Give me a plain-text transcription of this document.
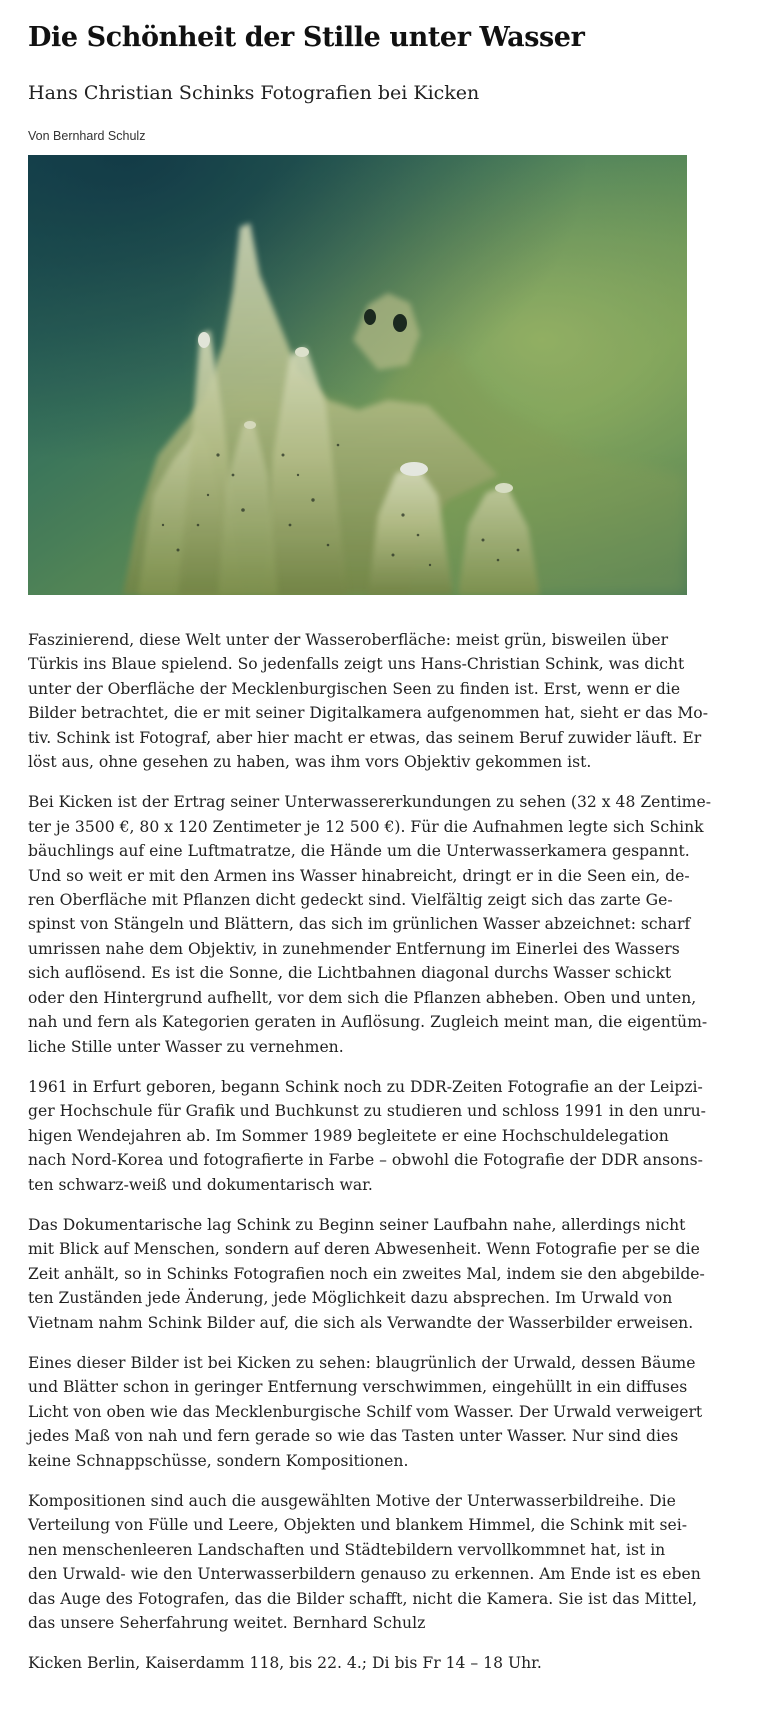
Die Schönheit der Stille unter Wasser
Hans Christian Schinks Fotografien bei Kicken
Von Bernhard Schulz

Faszinierend, diese Welt unter der Wasseroberfläche: meist grün, bisweilen über
Türkis ins Blaue spielend. So jedenfalls zeigt uns Hans-Christian Schink, was dicht
unter der Oberfläche der Mecklenburgischen Seen zu finden ist. Erst, wenn er die
Bilder betrachtet, die er mit seiner Digitalkamera aufgenommen hat, sieht er das Mo-
tiv. Schink ist Fotograf, aber hier macht er etwas, das seinem Beruf zuwider läuft. Er
löst aus, ohne gesehen zu haben, was ihm vors Objektiv gekommen ist.

Bei Kicken ist der Ertrag seiner Unterwassererkundungen zu sehen (32 x 48 Zentime-
ter je 3500 €, 80 x 120 Zentimeter je 12 500 €). Für die Aufnahmen legte sich Schink
bäuchlings auf eine Luftmatratze, die Hände um die Unterwasserkamera gespannt.
Und so weit er mit den Armen ins Wasser hinabreicht, dringt er in die Seen ein, de-
ren Oberfläche mit Pflanzen dicht gedeckt sind. Vielfältig zeigt sich das zarte Ge-
spinst von Stängeln und Blättern, das sich im grünlichen Wasser abzeichnet: scharf
umrissen nahe dem Objektiv, in zunehmender Entfernung im Einerlei des Wassers
sich auflösend. Es ist die Sonne, die Lichtbahnen diagonal durchs Wasser schickt
oder den Hintergrund aufhellt, vor dem sich die Pflanzen abheben. Oben und unten,
nah und fern als Kategorien geraten in Auflösung. Zugleich meint man, die eigentüm-
liche Stille unter Wasser zu vernehmen.

1961 in Erfurt geboren, begann Schink noch zu DDR-Zeiten Fotografie an der Leipzi-
ger Hochschule für Grafik und Buchkunst zu studieren und schloss 1991 in den unru-
higen Wendejahren ab. Im Sommer 1989 begleitete er eine Hochschuldelegation
nach Nord-Korea und fotografierte in Farbe – obwohl die Fotografie der DDR ansons-
ten schwarz-weiß und dokumentarisch war.

Das Dokumentarische lag Schink zu Beginn seiner Laufbahn nahe, allerdings nicht
mit Blick auf Menschen, sondern auf deren Abwesenheit. Wenn Fotografie per se die
Zeit anhält, so in Schinks Fotografien noch ein zweites Mal, indem sie den abgebilde-
ten Zuständen jede Änderung, jede Möglichkeit dazu absprechen. Im Urwald von
Vietnam nahm Schink Bilder auf, die sich als Verwandte der Wasserbilder erweisen.

Eines dieser Bilder ist bei Kicken zu sehen: blaugrünlich der Urwald, dessen Bäume
und Blätter schon in geringer Entfernung verschwimmen, eingehüllt in ein diffuses
Licht von oben wie das Mecklenburgische Schilf vom Wasser. Der Urwald verweigert
jedes Maß von nah und fern gerade so wie das Tasten unter Wasser. Nur sind dies
keine Schnappschüsse, sondern Kompositionen.

Kompositionen sind auch die ausgewählten Motive der Unterwasserbildreihe. Die
Verteilung von Fülle und Leere, Objekten und blankem Himmel, die Schink mit sei-
nen menschenleeren Landschaften und Städtebildern vervollkommnet hat, ist in
den Urwald- wie den Unterwasserbildern genauso zu erkennen. Am Ende ist es eben
das Auge des Fotografen, das die Bilder schafft, nicht die Kamera. Sie ist das Mittel,
das unsere Seherfahrung weitet. Bernhard Schulz

Kicken Berlin, Kaiserdamm 118, bis 22. 4.; Di bis Fr 14 – 18 Uhr.
